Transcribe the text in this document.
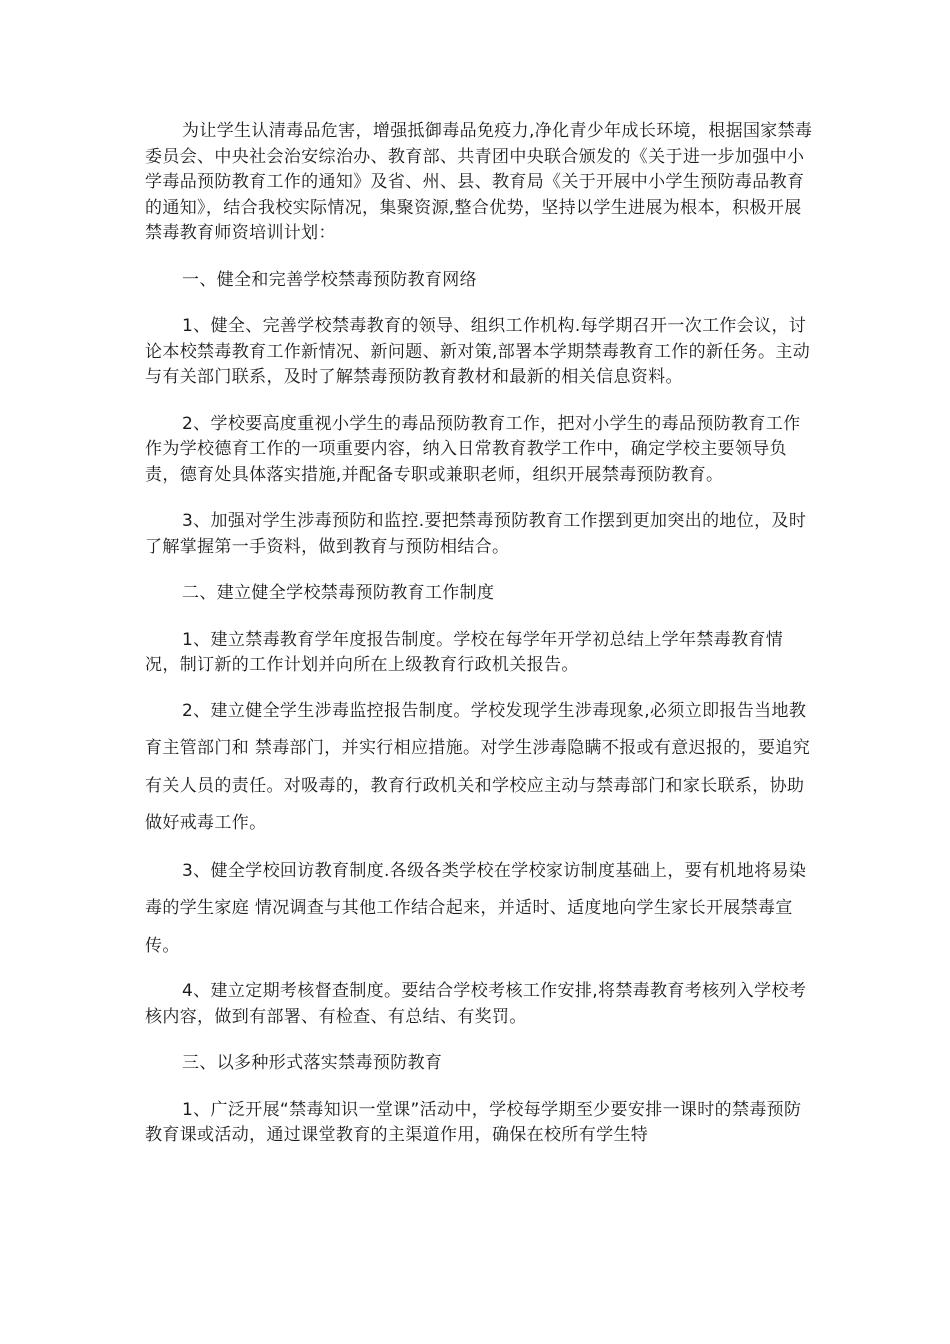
为让学生认清毒品危害，增强抵御毒品免疫力,净化青少年成长环境，根据国家禁毒委员会、中央社会治安综治办、教育部、共青团中央联合颁发的《关于进一步加强中小学毒品预防教育工作的通知》及省、州、县、教育局《关于开展中小学生预防毒品教育的通知》，结合我校实际情况，集聚资源,整合优势，坚持以学生进展为根本，积极开展禁毒教育师资培训计划：

一、健全和完善学校禁毒预防教育网络

1、健全、完善学校禁毒教育的领导、组织工作机构.每学期召开一次工作会议，讨论本校禁毒教育工作新情况、新问题、新对策,部署本学期禁毒教育工作的新任务。主动与有关部门联系，及时了解禁毒预防教育教材和最新的相关信息资料。

2、学校要高度重视小学生的毒品预防教育工作，把对小学生的毒品预防教育工作作为学校德育工作的一项重要内容，纳入日常教育教学工作中，确定学校主要领导负责，德育处具体落实措施,并配备专职或兼职老师，组织开展禁毒预防教育。

3、加强对学生涉毒预防和监控.要把禁毒预防教育工作摆到更加突出的地位，及时了解掌握第一手资料，做到教育与预防相结合。

二、建立健全学校禁毒预防教育工作制度

1、建立禁毒教育学年度报告制度。学校在每学年开学初总结上学年禁毒教育情况，制订新的工作计划并向所在上级教育行政机关报告。

2、建立健全学生涉毒监控报告制度。学校发现学生涉毒现象,必须立即报告当地教育主管部门和 禁毒部门，并实行相应措施。对学生涉毒隐瞒不报或有意迟报的，要追究有关人员的责任。对吸毒的，教育行政机关和学校应主动与禁毒部门和家长联系，协助做好戒毒工作。

3、健全学校回访教育制度.各级各类学校在学校家访制度基础上，要有机地将易染毒的学生家庭 情况调查与其他工作结合起来，并适时、适度地向学生家长开展禁毒宣传。

4、建立定期考核督查制度。要结合学校考核工作安排,将禁毒教育考核列入学校考核内容，做到有部署、有检查、有总结、有奖罚。

三、以多种形式落实禁毒预防教育

1、广泛开展“禁毒知识一堂课”活动中，学校每学期至少要安排一课时的禁毒预防教育课或活动，通过课堂教育的主渠道作用，确保在校所有学生特
